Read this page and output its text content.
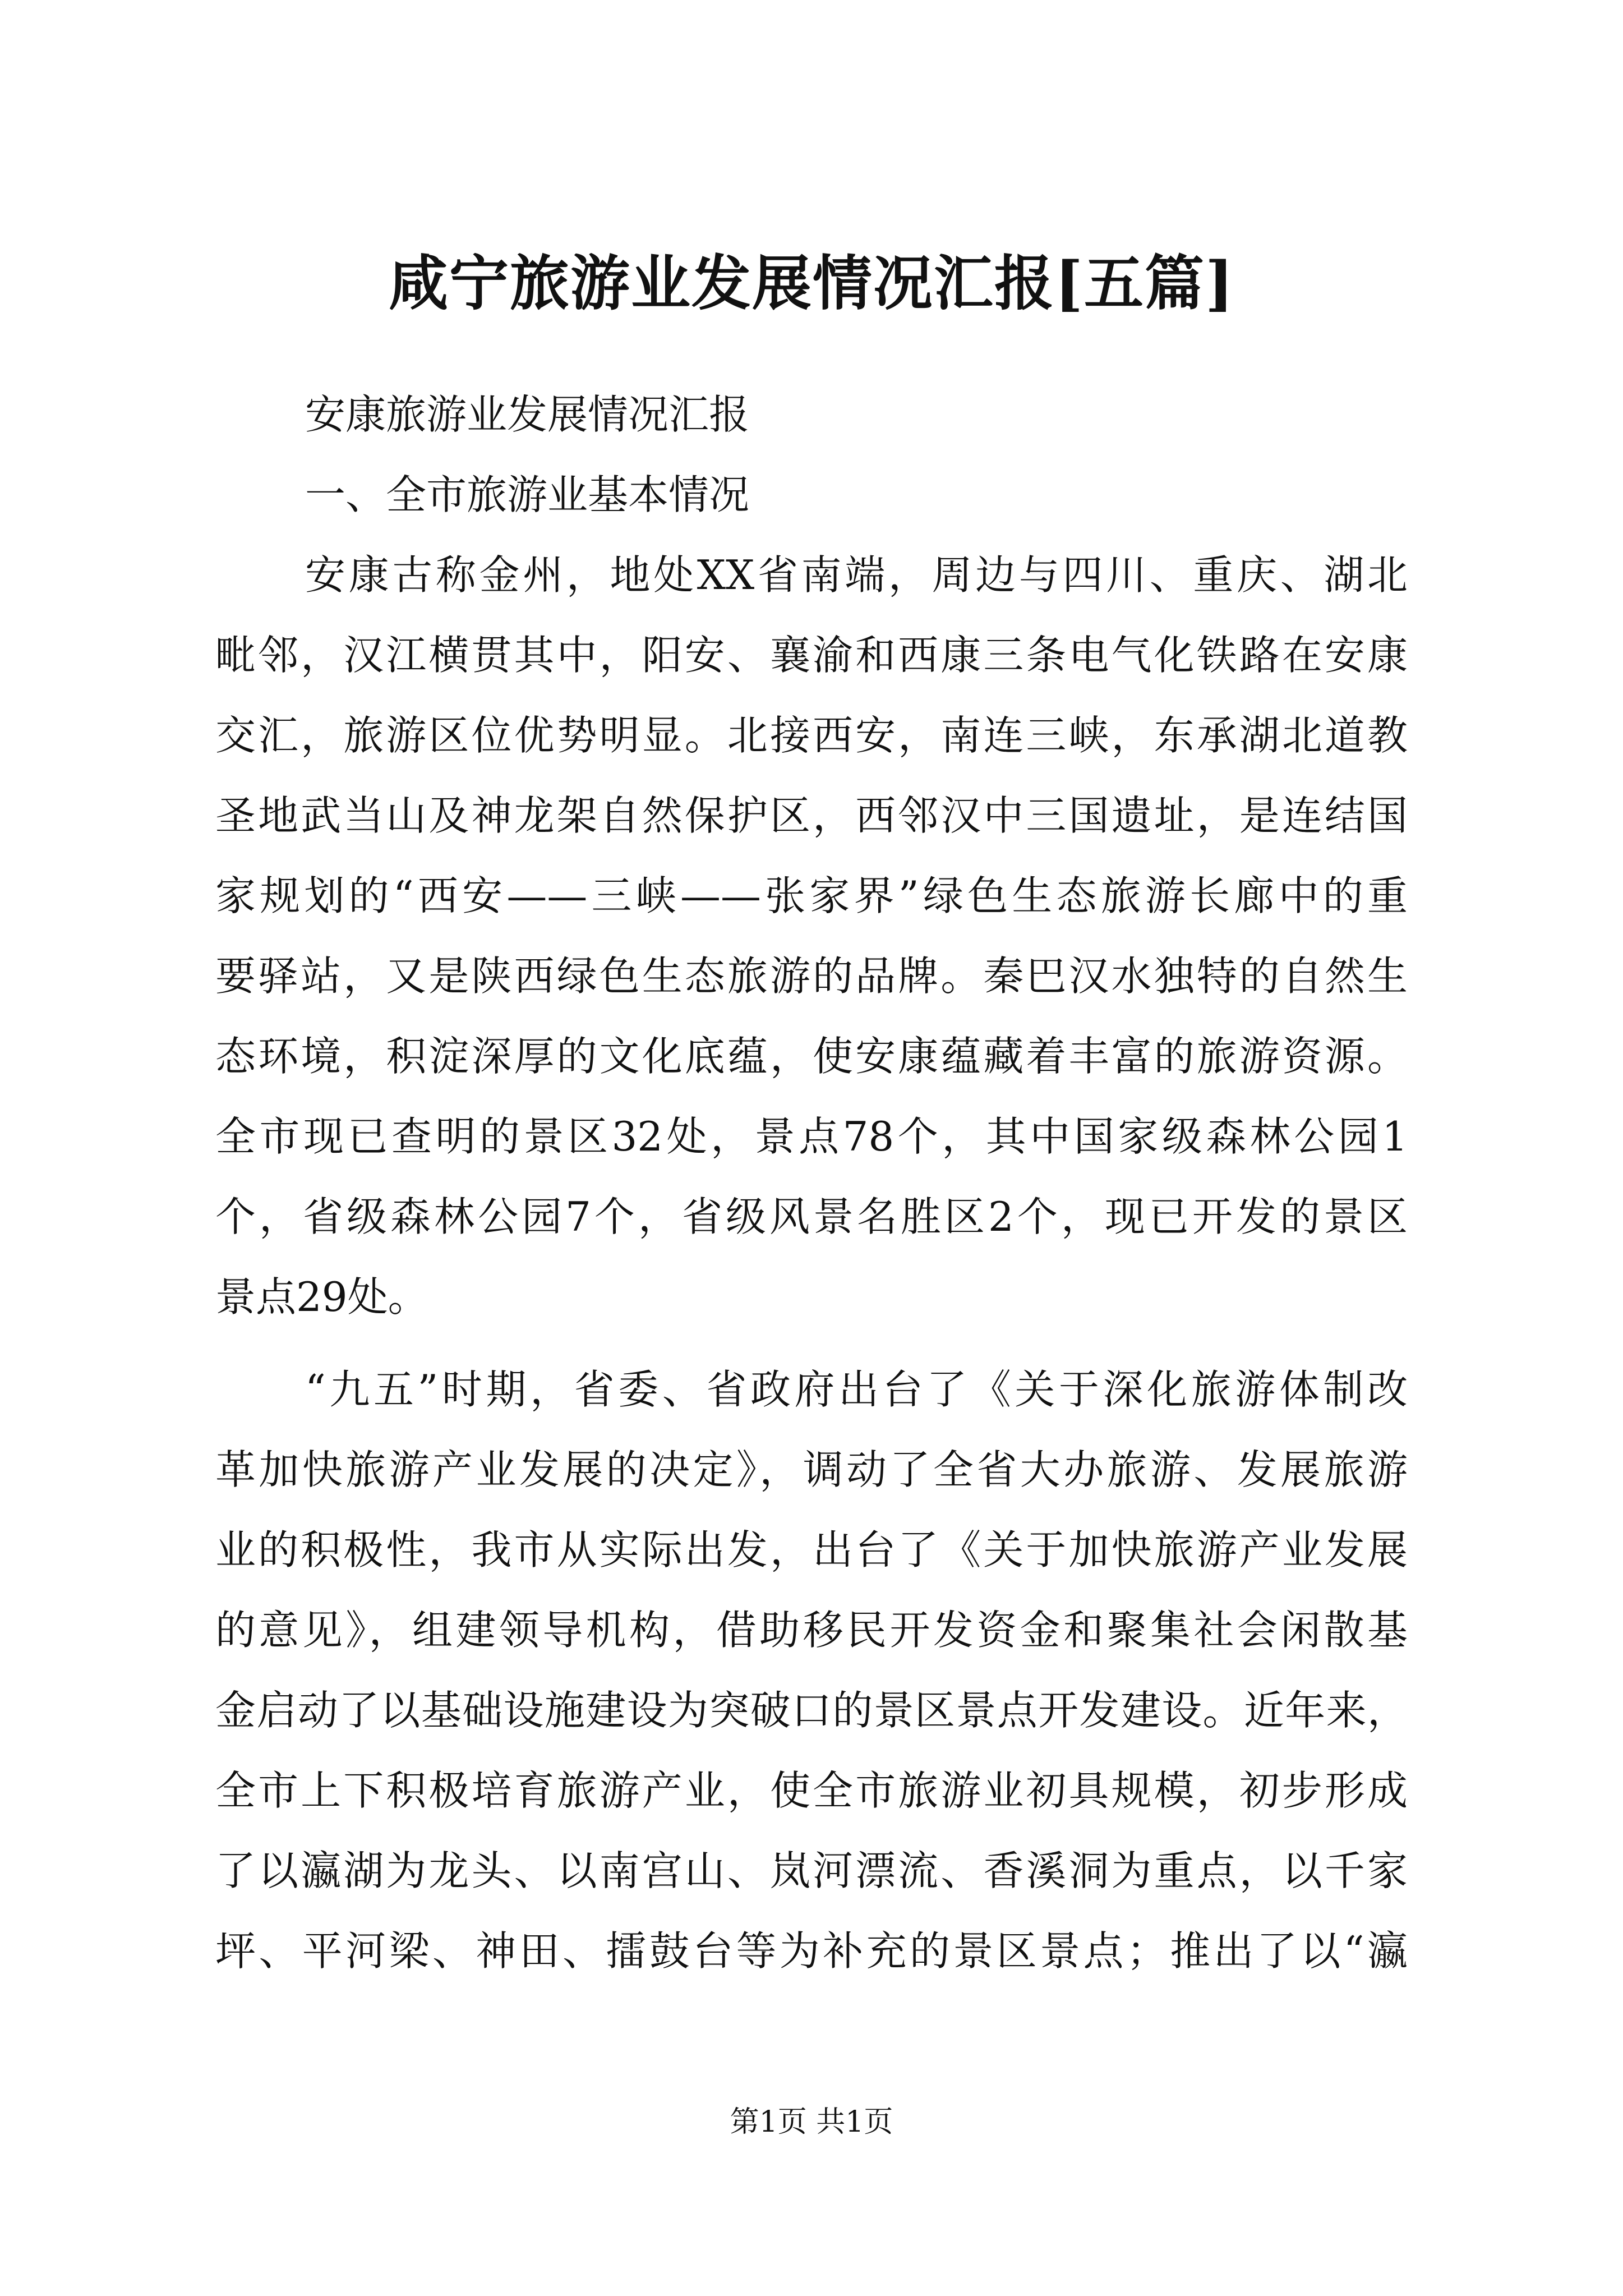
咸宁旅游业发展情况汇报[五篇]
安康旅游业发展情况汇报
一、全市旅游业基本情况
安康古称金州，地处XX省南端，周边与四川、重庆、湖北
毗邻，汉江横贯其中，阳安、襄渝和西康三条电气化铁路在安康
交汇，旅游区位优势明显。北接西安，南连三峡，东承湖北道教
圣地武当山及神龙架自然保护区，西邻汉中三国遗址，是连结国
家规划的“西安——三峡——张家界”绿色生态旅游长廊中的重
要驿站，又是陕西绿色生态旅游的品牌。秦巴汉水独特的自然生
态环境，积淀深厚的文化底蕴，使安康蕴藏着丰富的旅游资源。
全市现已查明的景区32处，景点78个，其中国家级森林公园1
个，省级森林公园7个，省级风景名胜区2个，现已开发的景区
景点29处。
“九五”时期，省委、省政府出台了《关于深化旅游体制改
革加快旅游产业发展的决定》，调动了全省大办旅游、发展旅游
业的积极性，我市从实际出发，出台了《关于加快旅游产业发展
的意见》，组建领导机构，借助移民开发资金和聚集社会闲散基
金启动了以基础设施建设为突破口的景区景点开发建设。近年来，
全市上下积极培育旅游产业，使全市旅游业初具规模，初步形成
了以瀛湖为龙头、以南宫山、岚河漂流、香溪洞为重点，以千家
坪、平河梁、神田、擂鼓台等为补充的景区景点；推出了以“瀛
第1页 共1页
